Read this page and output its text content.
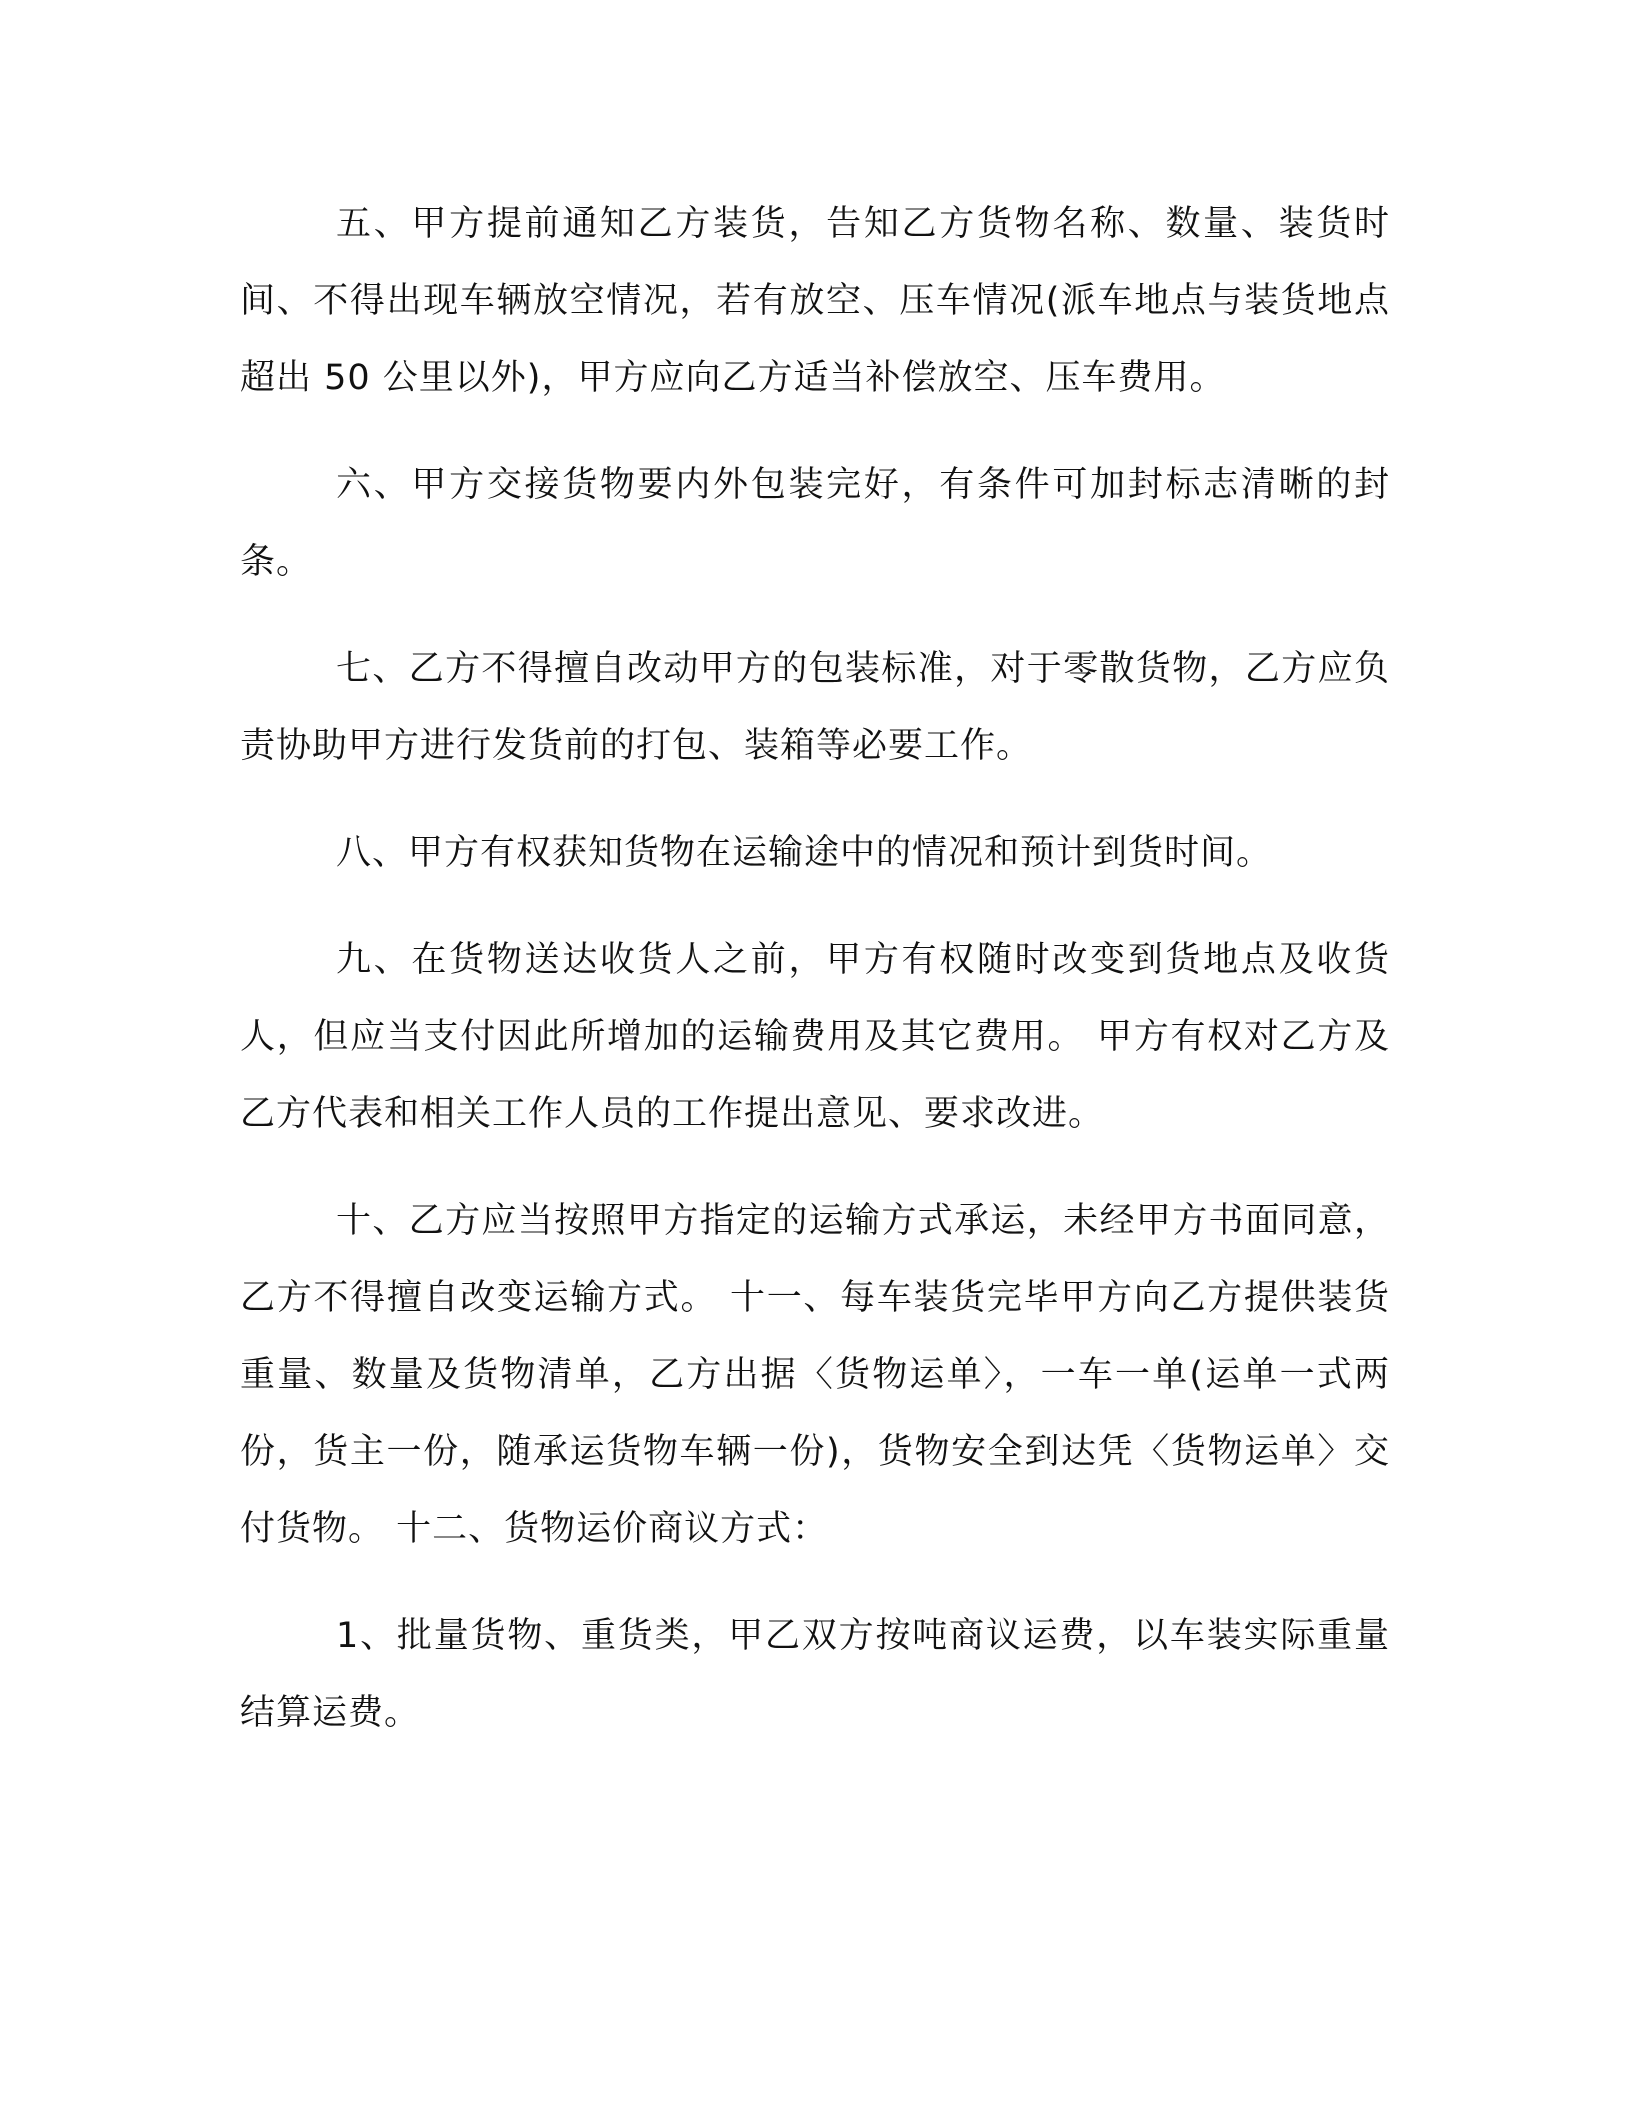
五、甲方提前通知乙方装货，告知乙方货物名称、数量、装货时间、不得出现车辆放空情况，若有放空、压车情况(派车地点与装货地点超出 50 公里以外)，甲方应向乙方适当补偿放空、压车费用。

六、甲方交接货物要内外包装完好，有条件可加封标志清晰的封条。

七、乙方不得擅自改动甲方的包装标准，对于零散货物，乙方应负责协助甲方进行发货前的打包、装箱等必要工作。

八、甲方有权获知货物在运输途中的情况和预计到货时间。

九、在货物送达收货人之前，甲方有权随时改变到货地点及收货人，但应当支付因此所增加的运输费用及其它费用。 甲方有权对乙方及乙方代表和相关工作人员的工作提出意见、要求改进。

十、乙方应当按照甲方指定的运输方式承运，未经甲方书面同意，乙方不得擅自改变运输方式。 十一、每车装货完毕甲方向乙方提供装货重量、数量及货物清单，乙方出据〈货物运单〉，一车一单(运单一式两份，货主一份，随承运货物车辆一份)，货物安全到达凭〈货物运单〉交付货物。 十二、货物运价商议方式：

1、批量货物、重货类，甲乙双方按吨商议运费，以车装实际重量结算运费。
